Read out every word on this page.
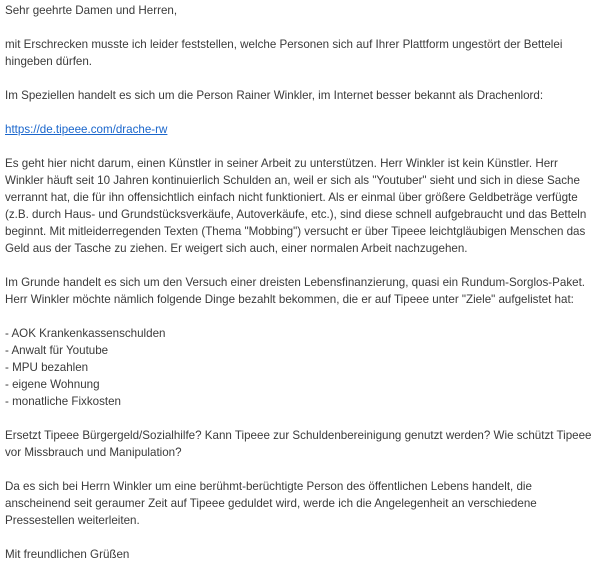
Sehr geehrte Damen und Herren,

mit Erschrecken musste ich leider feststellen, welche Personen sich auf Ihrer Plattform ungestört der Bettelei hingeben dürfen.

Im Speziellen handelt es sich um die Person Rainer Winkler, im Internet besser bekannt als Drachenlord:

https://de.tipeee.com/drache-rw

Es geht hier nicht darum, einen Künstler in seiner Arbeit zu unterstützen. Herr Winkler ist kein Künstler. Herr Winkler häuft seit 10 Jahren kontinuierlich Schulden an, weil er sich als "Youtuber" sieht und sich in diese Sache verrannt hat, die für ihn offensichtlich einfach nicht funktioniert. Als er einmal über größere Geldbeträge verfügte (z.B. durch Haus- und Grundstücksverkäufe, Autoverkäufe, etc.), sind diese schnell aufgebraucht und das Betteln beginnt. Mit mitleiderregenden Texten (Thema "Mobbing") versucht er über Tipeee leichtgläubigen Menschen das Geld aus der Tasche zu ziehen. Er weigert sich auch, einer normalen Arbeit nachzugehen.

Im Grunde handelt es sich um den Versuch einer dreisten Lebensfinanzierung, quasi ein Rundum-Sorglos-Paket. Herr Winkler möchte nämlich folgende Dinge bezahlt bekommen, die er auf Tipeee unter "Ziele" aufgelistet hat:

- AOK Krankenkassenschulden

- Anwalt für Youtube

- MPU bezahlen

- eigene Wohnung

- monatliche Fixkosten

Ersetzt Tipeee Bürgergeld/Sozialhilfe? Kann Tipeee zur Schuldenbereinigung genutzt werden? Wie schützt Tipeee vor Missbrauch und Manipulation?

Da es sich bei Herrn Winkler um eine berühmt-berüchtigte Person des öffentlichen Lebens handelt, die anscheinend seit geraumer Zeit auf Tipeee geduldet wird, werde ich die Angelegenheit an verschiedene Pressestellen weiterleiten.

Mit freundlichen Grüßen
